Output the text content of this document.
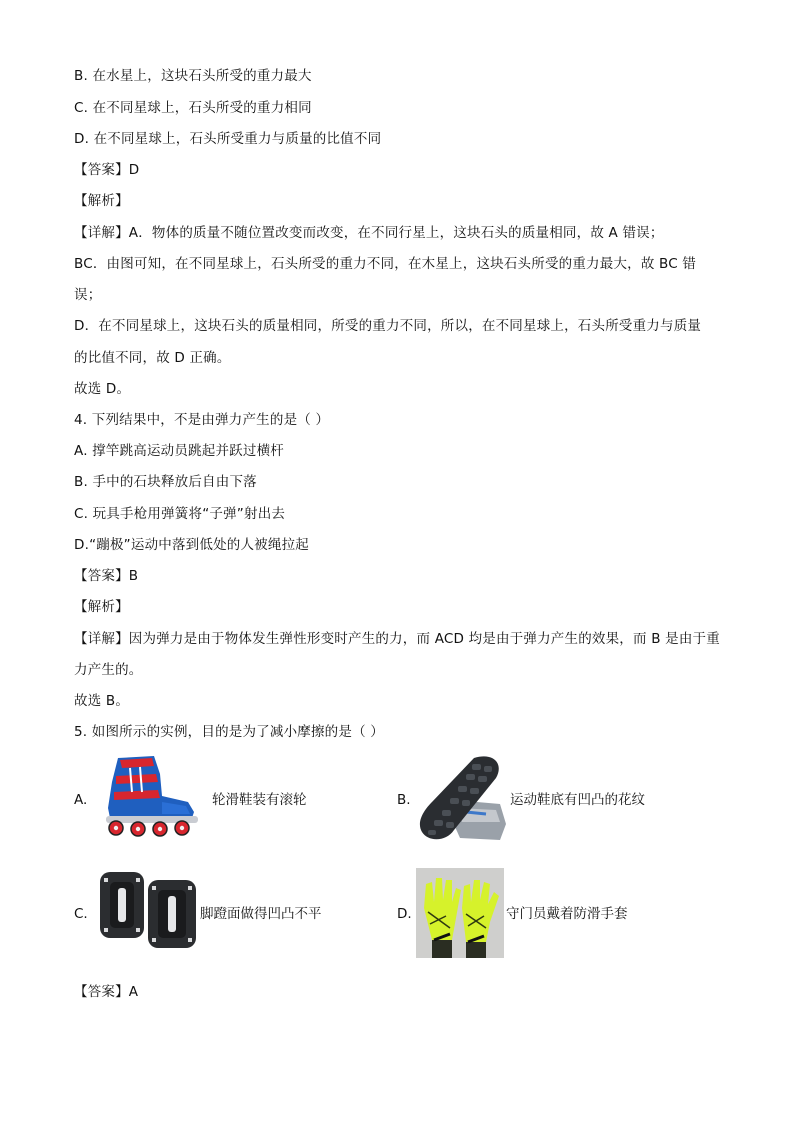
B. 在水星上，这块石头所受的重力最大
C. 在不同星球上，石头所受的重力相同
D. 在不同星球上，石头所受重力与质量的比值不同
【答案】D
【解析】
【详解】A．物体的质量不随位置改变而改变，在不同行星上，这块石头的质量相同，故 A 错误；
BC．由图可知，在不同星球上，石头所受的重力不同，在木星上，这块石头所受的重力最大，故 BC 错
误；
D．在不同星球上，这块石头的质量相同，所受的重力不同，所以，在不同星球上，石头所受重力与质量
的比值不同，故 D 正确。
故选 D。
4. 下列结果中，不是由弹力产生的是（ ）
A. 撑竿跳高运动员跳起并跃过横杆
B. 手中的石块释放后自由下落
C. 玩具手枪用弹簧将“子弹”射出去
D.“蹦极”运动中落到低处的人被绳拉起
【答案】B
【解析】
【详解】因为弹力是由于物体发生弹性形变时产生的力，而 ACD 均是由于弹力产生的效果，而 B 是由于重
力产生的。
故选 B。
5. 如图所示的实例，目的是为了减小摩擦的是（ ）
A.	轮滑鞋装有滚轮	B.	运动鞋底有凹凸的花纹
C.	脚蹬面做得凹凸不平	D.	守门员戴着防滑手套
【答案】A
